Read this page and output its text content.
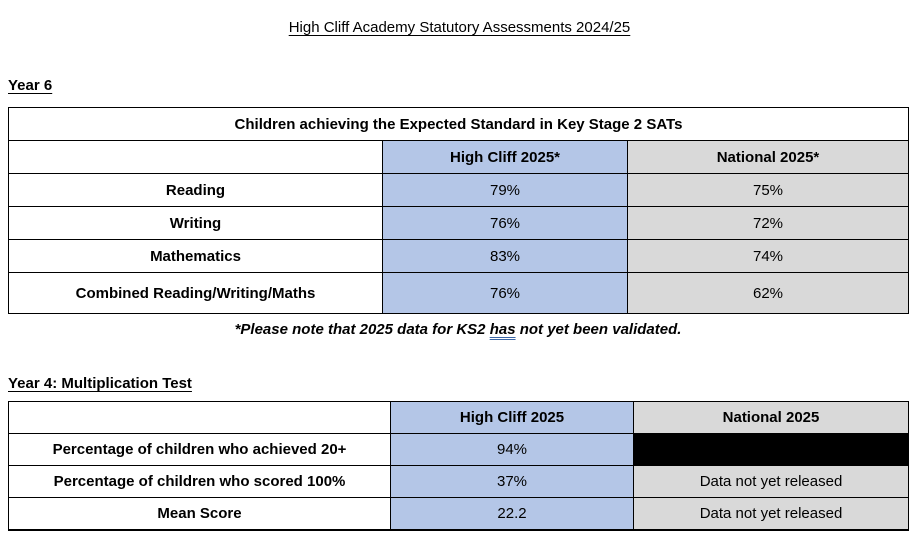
High Cliff Academy Statutory Assessments 2024/25
Year 6
Children achieving the Expected Standard in Key Stage 2 SATs		
	High Cliff 2025*	National 2025*
Reading	79%	75%
Writing	76%	72%
Mathematics	83%	74%
Combined Reading/Writing/Maths	76%	62%
*Please note that 2025 data for KS2 has not yet been validated.
Year 4: Multiplication Test
	High Cliff 2025	National 2025
Percentage of children who achieved 20+	94%	
Percentage of children who scored 100%	37%	Data not yet released
Mean Score	22.2	Data not yet released
